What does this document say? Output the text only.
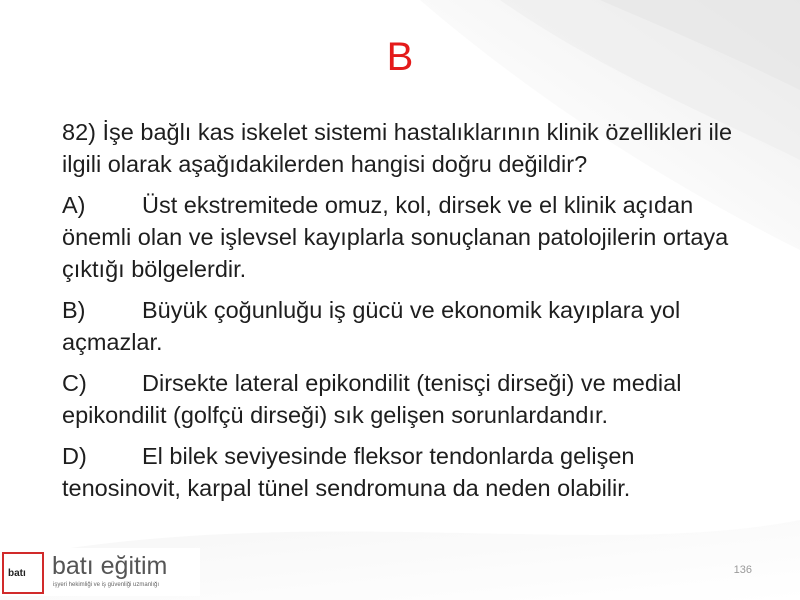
B

82) İşe bağlı kas iskelet sistemi hastalıklarının klinik özellikleri ile ilgili olarak aşağıdakilerden hangisi doğru değildir?

A) Üst ekstremitede omuz, kol, dirsek ve el klinik açıdan önemli olan ve işlevsel kayıplarla sonuçlanan patolojilerin ortaya çıktığı bölgelerdir.

B) Büyük çoğunluğu iş gücü ve ekonomik kayıplara yol açmazlar.

C) Dirsekte lateral epikondilit (tenisçi dirseği) ve medial epikondilit (golfçü dirseği) sık gelişen sorunlardandır.

D) El bilek seviyesinde fleksor tendonlarda gelişen tenosinovit, karpal tünel sendromuna da neden olabilir.

batı batı eğitim
işyeri hekimliği ve iş güvenliği uzmanlığı
136
